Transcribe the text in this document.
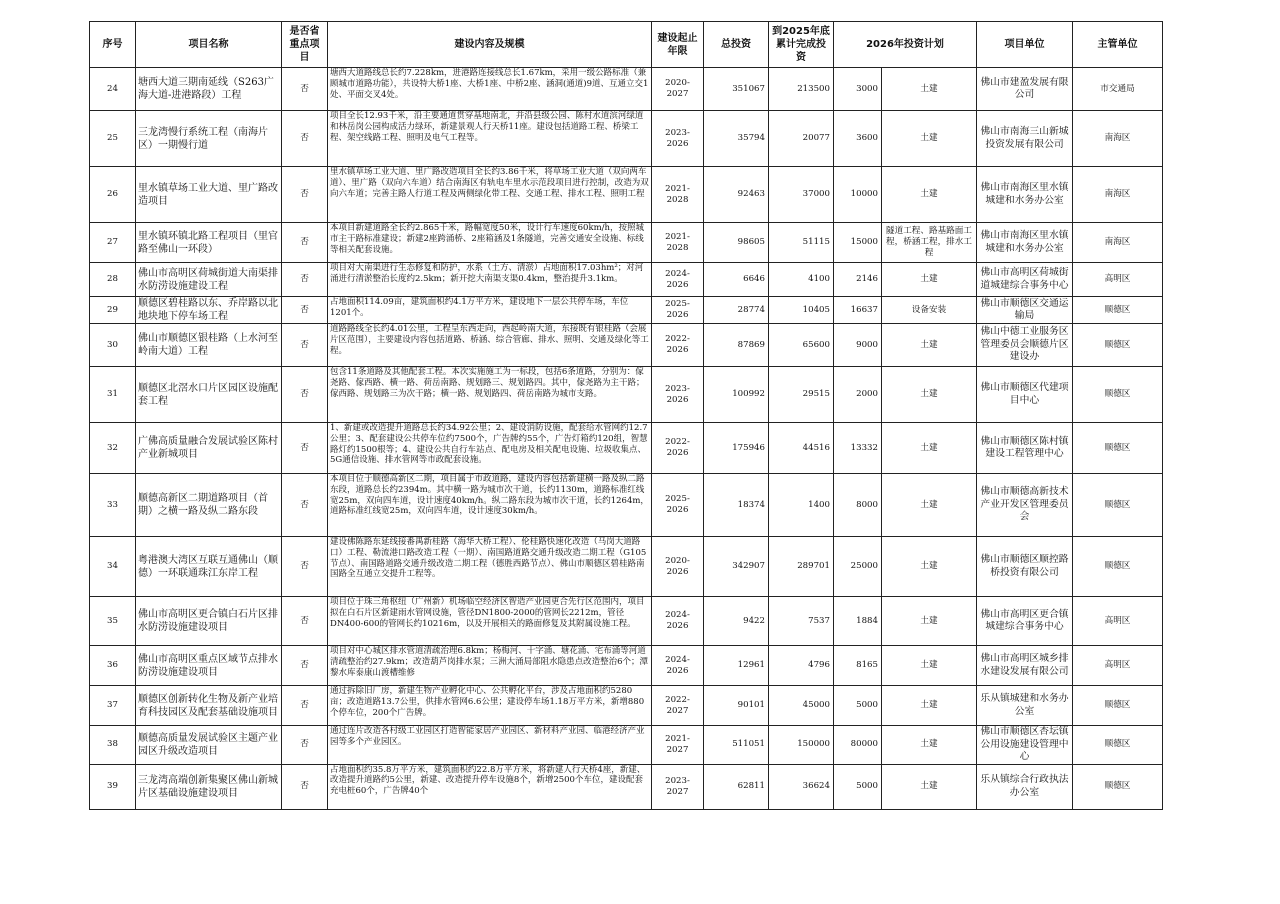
序号	项目名称	是否省重点项目	建设内容及规模	建设起止年限	总投资	到2025年底累计完成投资	2026年投资计划		项目单位	主管单位
24	塘西大道三期南延线（S263广海大道-进港路段）工程	否	塘西大道路线总长约7.228km，进港路连接线总长1.67km，采用一级公路标准（兼顾城市道路功能），共设特大桥1座、大桥1座、中桥2座、涵洞(通道)9道、互通立交1处、平面交叉4处。	2020-2027	351067	213500	3000	土建	佛山市建盈发展有限公司	市交通局
25	三龙湾慢行系统工程（南海片区）一期慢行道	否	项目全长12.93千米，沿主要通道贯穿基地南北，并沿县级公园、陈村水道滨河绿道和林岳岗公园构成活力绿环，新建景观人行天桥11座。建设包括道路工程、桥梁工程、架空线路工程、照明及电气工程等。	2023-2026	35794	20077	3600	土建	佛山市南海三山新城投资发展有限公司	南海区
26	里水镇草场工业大道、里广路改造项目	否	里水镇草场工业大道、里广路改造项目全长约3.86千米，将草场工业大道（双向两车道）、里广路（双向六车道）结合南海区有轨电车里水示范段项目进行控制，改造为双向六车道；完善主路人行道工程及两侧绿化带工程、交通工程、排水工程、照明工程	2021-2028	92463	37000	10000	土建	佛山市南海区里水镇城建和水务办公室	南海区
27	里水镇环镇北路工程项目（里官路至佛山一环段）	否	本项目新建道路全长约2.865千米，路幅宽度50米，设计行车速度60km/h，按照城市主干路标准建设；新建2座跨涌桥、2座箱涵及1条隧道，完善交通安全设施、标线等相关配套设施。	2021-2028	98605	51115	15000	隧道工程、路基路面工程，桥涵工程，排水工程	佛山市南海区里水镇城建和水务办公室	南海区
28	佛山市高明区荷城街道大南渠排水防涝设施建设工程	否	项目对大南渠进行生态修复和防护，水系（土方、清淤）占地面积17.03hm²；对河涌进行清淤整治长度约2.5km；新开挖大南渠支渠0.4km，整治提升3.1km。	2024-2026	6646	4100	2146	土建	佛山市高明区荷城街道城建综合事务中心	高明区
29	顺德区碧桂路以东、乔岸路以北地块地下停车场工程	否	占地面积114.09亩，建筑面积约4.1万平方米，建设地下一层公共停车场，车位1201个。	2025-2026	28774	10405	16637	设备安装	佛山市顺德区交通运输局	顺德区
30	佛山市顺德区银桂路（上水河至岭南大道）工程	否	道路路线全长约4.01公里，工程呈东西走向，西起岭南大道，东接既有银桂路（会展片区范围），主要建设内容包括道路、桥涵、综合管廊、排水、照明、交通及绿化等工程。	2022-2026	87869	65600	9000	土建	佛山中德工业服务区管理委员会顺德片区建设办	顺德区
31	顺德区北滘水口片区园区设施配套工程	否	包含11条道路及其他配套工程。本次实施施工为一标段，包括6条道路，分别为：傢尧路、傢西路、横一路、荷岳南路、规划路三、规划路四。其中，傢尧路为主干路；傢西路、规划路三为次干路；横一路、规划路四、荷岳南路为城市支路。	2023-2026	100992	29515	2000	土建	佛山市顺德区代建项目中心	顺德区
32	广佛高质量融合发展试验区陈村产业新城项目	否	1、新建或改造提升道路总长约34.92公里；2、建设消防设施，配套给水管网约12.7公里；3、配套建设公共停车位约7500个，广告牌约55个，广告灯箱约120组，智慧路灯约1500根等；4、建设公共自行车站点、配电房及相关配电设施、垃圾收集点、5G通信设施、排水管网等市政配套设施。	2022-2026	175946	44516	13332	土建	佛山市顺德区陈村镇建设工程管理中心	顺德区
33	顺德高新区二期道路项目（首期）之横一路及纵二路东段	否	本项目位于顺德高新区二期，项目属于市政道路，建设内容包括新建横一路及纵二路东段，道路总长约2394m。其中横一路为城市次干道，长约1130m，道路标准红线宽25m，双向四车道，设计速度40km/h。纵二路东段为城市次干道，长约1264m，道路标准红线宽25m，双向四车道，设计速度30km/h。	2025-2026	18374	1400	8000	土建	佛山市顺德高新技术产业开发区管理委员会	顺德区
34	粤港澳大湾区互联互通佛山（顺德）一环联通珠江东岸工程	否	建设佛陈路东延线接番禺新桂路（海华大桥工程）、伦桂路快速化改造（马岗大道路口）工程、勒流港口路改造工程（一期）、南国路道路交通升级改造二期工程（G105节点）、南国路道路交通升级改造二期工程（德胜西路节点）、佛山市顺德区碧桂路南国路全互通立交提升工程等。	2020-2026	342907	289701	25000	土建	佛山市顺德区顺控路桥投资有限公司	顺德区
35	佛山市高明区更合镇白石片区排水防涝设施建设项目	否	项目位于珠三角枢纽（广州新）机场临空经济区智造产业园更合先行区范围内，项目拟在白石片区新建雨水管网设施，管径DN1800-2000的管网长2212m，管径DN400-600的管网长约10216m，以及开展相关的路面修复及其附属设施工程。	2024-2026	9422	7537	1884	土建	佛山市高明区更合镇城建综合事务中心	高明区
36	佛山市高明区重点区域节点排水防涝设施建设项目	否	项目对中心城区排水管道清疏治理6.8km；杨梅河、十字涌、塘花涌、宅布涌等河道清疏整治约27.9km；改造葫芦岗排水泵；三洲大涌局部阻水隐患点改造整治6个；潭黎水库泰康山渡槽维修	2024-2026	12961	4796	8165	土建	佛山市高明区城乡排水建设发展有限公司	高明区
37	顺德区创新转化生物及新产业培育科技园区及配套基础设施项目	否	通过拆除旧厂房，新建生物产业孵化中心、公共孵化平台，涉及占地面积约5280亩；改造道路13.7公里，供排水管网6.6公里；建设停车场1.18万平方米，新增880个停车位，200个广告牌。	2022-2027	90101	45000	5000	土建	乐从镇城建和水务办公室	顺德区
38	顺德高质量发展试验区主题产业园区升级改造项目	否	通过连片改造各村级工业园区打造智能家居产业园区、新材料产业园、临港经济产业园等多个产业园区。	2021-2027	511051	150000	80000	土建	佛山市顺德区杏坛镇公用设施建设管理中心	顺德区
39	三龙湾高端创新集聚区佛山新城片区基础设施建设项目	否	占地面积约35.8万平方米，建筑面积约22.8万平方米，将新建人行天桥4座，新建、改造提升道路约5公里，新建、改造提升停车设施8个，新增2500个车位，建设配套充电桩60个，广告牌40个	2023-2027	62811	36624	5000	土建	乐从镇综合行政执法办公室	顺德区
